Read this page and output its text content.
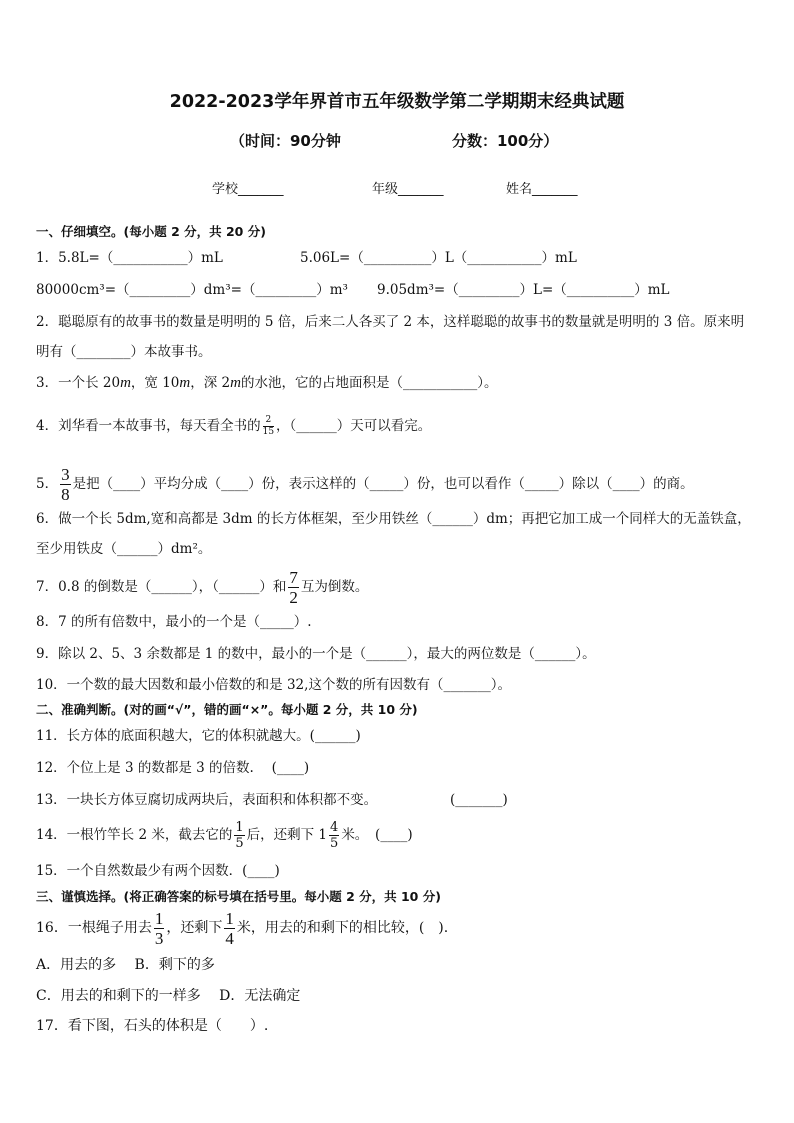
2022-2023学年界首市五年级数学第二学期期末经典试题
（时间：90分钟	分数：100分）
学校_______	年级_______	姓名_______
一、仔细填空。(每小题 2 分，共 20 分)
1．5.8L=（___________）mL	5.06L=（__________）L（___________）mL
80000cm³=（_________）dm³=（_________）m³ 9.05dm³=（_________）L=（__________）mL
2．聪聪原有的故事书的数量是明明的 5 倍，后来二人各买了 2 本，这样聪聪的故事书的数量就是明明的 3 倍。原来明
明有（________）本故事书。
3．一个长 20m，宽 10m，深 2m的水池，它的占地面积是（___________）。
4．刘华看一本故事书，每天看全书的 $\frac{2}{15}$ ，（______）天可以看完。
5． $\frac{3}{8}$ 是把（____）平均分成（____）份，表示这样的（_____）份，也可以看作（_____）除以（____）的商。
6．做一个长 5dm,宽和高都是 3dm 的长方体框架，至少用铁丝（______）dm；再把它加工成一个同样大的无盖铁盒，
至少用铁皮（______）dm²。
7．0.8 的倒数是（______），（______）和 $\frac{7}{2}$ 互为倒数。
8．7 的所有倍数中，最小的一个是（_____）.
9．除以 2、5、3 余数都是 1 的数中，最小的一个是（______），最大的两位数是（______）。
10．一个数的最大因数和最小倍数的和是 32,这个数的所有因数有（_______）。
二、准确判断。(对的画“√”，错的画“×”。每小题 2 分，共 10 分)
11．长方体的底面积越大，它的体积就越大。(______)
12．个位上是 3 的数都是 3 的倍数.　 (____)
13．一块长方体豆腐切成两块后，表面积和体积都不变。	(_______)
14．一根竹竿长 2 米，截去它的 $\frac{1}{5}$ 后，还剩下 $1 \frac{4}{5}$ 米。　(____)
15．一个自然数最少有两个因数．(____)
三、谨慎选择。(将正确答案的标号填在括号里。每小题 2 分，共 10 分)
16．一根绳子用去 $\frac{1}{3}$ ，还剩下 $\frac{1}{4}$ 米，用去的和剩下的相比较，(　).
A．用去的多　 B．剩下的多
C．用去的和剩下的一样多　 D．无法确定
17．看下图，石头的体积是（　　）.
